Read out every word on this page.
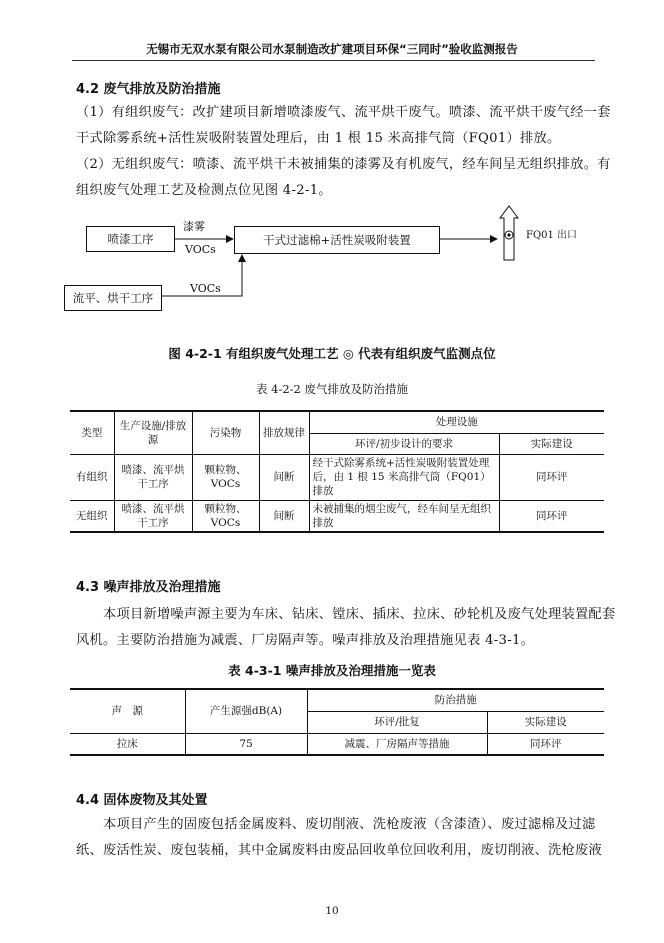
无锡市无双水泵有限公司水泵制造改扩建项目环保“三同时”验收监测报告
4.2 废气排放及防治措施
（1）有组织废气：改扩建项目新增喷漆废气、流平烘干废气。喷漆、流平烘干废气经一套干式除雾系统+活性炭吸附装置处理后，由 1 根 15 米高排气筒（FQ01）排放。
（2）无组织废气：喷漆、流平烘干未被捕集的漆雾及有机废气，经车间呈无组织排放。有组织废气处理工艺及检测点位见图 4-2-1。
喷漆工序	干式过滤棉+活性炭吸附装置
流平、烘干工序
漆雾
VOCs
VOCs
FQ01 出口
图 4-2-1 有组织废气处理工艺 ◎ 代表有组织废气监测点位
表 4-2-2 废气排放及防治措施
类型	生产设施/排放源	污染物	排放规律	处理设施	
				环评/初步设计的要求	实际建设
有组织	喷漆、流平烘干工序	颗粒物、VOCs	间断	经干式除雾系统+活性炭吸附装置处理后，由 1 根 15 米高排气筒（FQ01）排放	同环评
无组织	喷漆、流平烘干工序	颗粒物、VOCs	间断	未被捕集的烟尘废气，经车间呈无组织排放	同环评
4.3 噪声排放及治理措施
本项目新增噪声源主要为车床、钻床、镗床、插床、拉床、砂轮机及废气处理装置配套风机。主要防治措施为减震、厂房隔声等。噪声排放及治理措施见表 4-3-1。
表 4-3-1 噪声排放及治理措施一览表
声　源	产生源强dB(A)	防治措施	
		环评/批复	实际建设
拉床	75	减震、厂房隔声等措施	同环评
4.4 固体废物及其处置
本项目产生的固废包括金属废料、废切削液、洗枪废液（含漆渣）、废过滤棉及过滤纸、废活性炭、废包装桶，其中金属废料由废品回收单位回收利用，废切削液、洗枪废液
10
